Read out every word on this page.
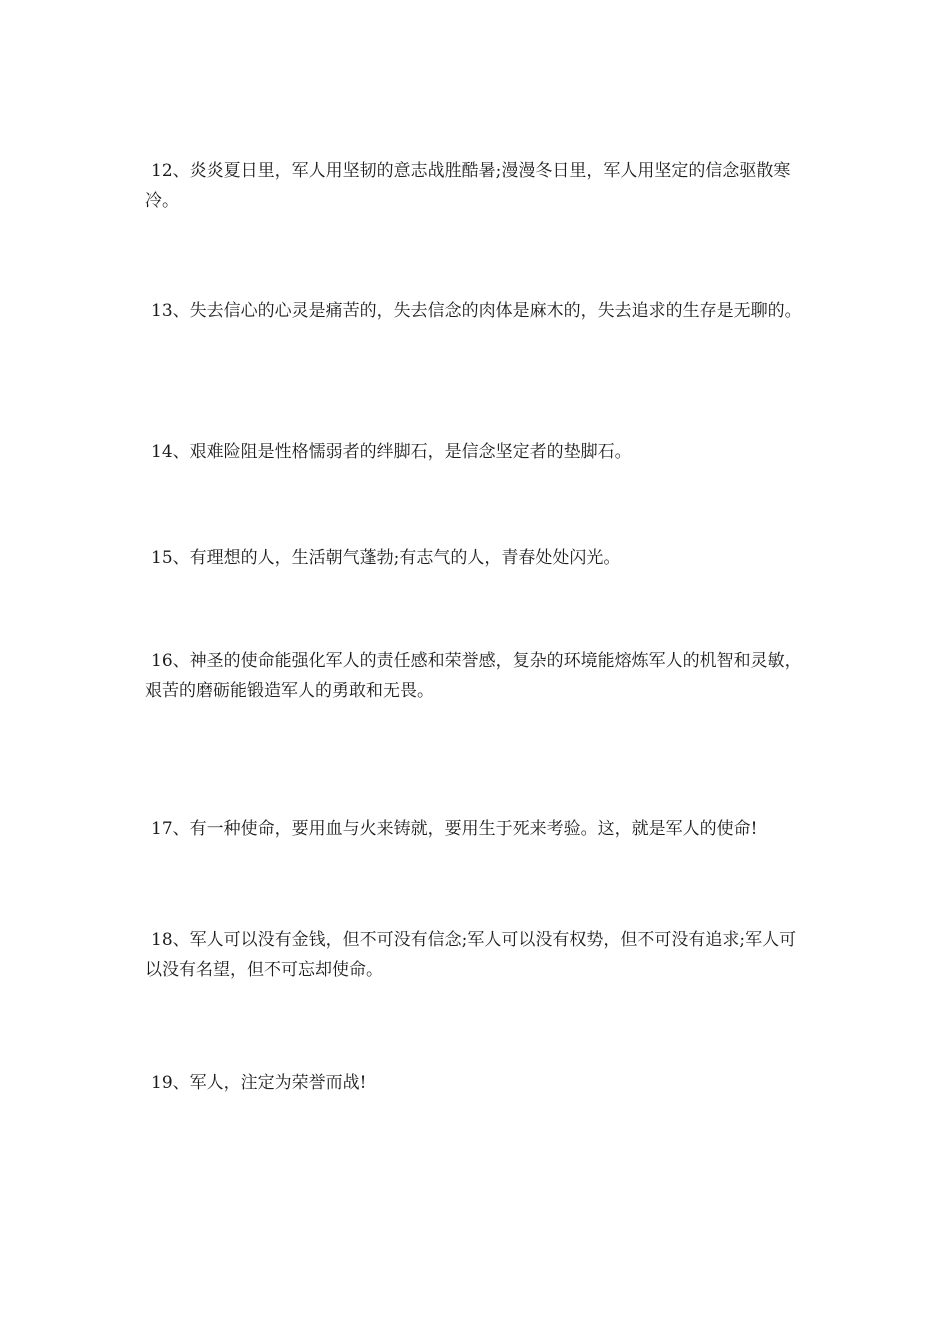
12、炎炎夏日里，军人用坚韧的意志战胜酷暑;漫漫冬日里，军人用坚定的信念驱散寒冷。

13、失去信心的心灵是痛苦的，失去信念的肉体是麻木的，失去追求的生存是无聊的。

14、艰难险阻是性格懦弱者的绊脚石，是信念坚定者的垫脚石。

15、有理想的人，生活朝气蓬勃;有志气的人，青春处处闪光。

16、神圣的使命能强化军人的责任感和荣誉感，复杂的环境能熔炼军人的机智和灵敏，艰苦的磨砺能锻造军人的勇敢和无畏。

17、有一种使命，要用血与火来铸就，要用生于死来考验。这，就是军人的使命!

18、军人可以没有金钱，但不可没有信念;军人可以没有权势，但不可没有追求;军人可以没有名望，但不可忘却使命。

19、军人，注定为荣誉而战!
